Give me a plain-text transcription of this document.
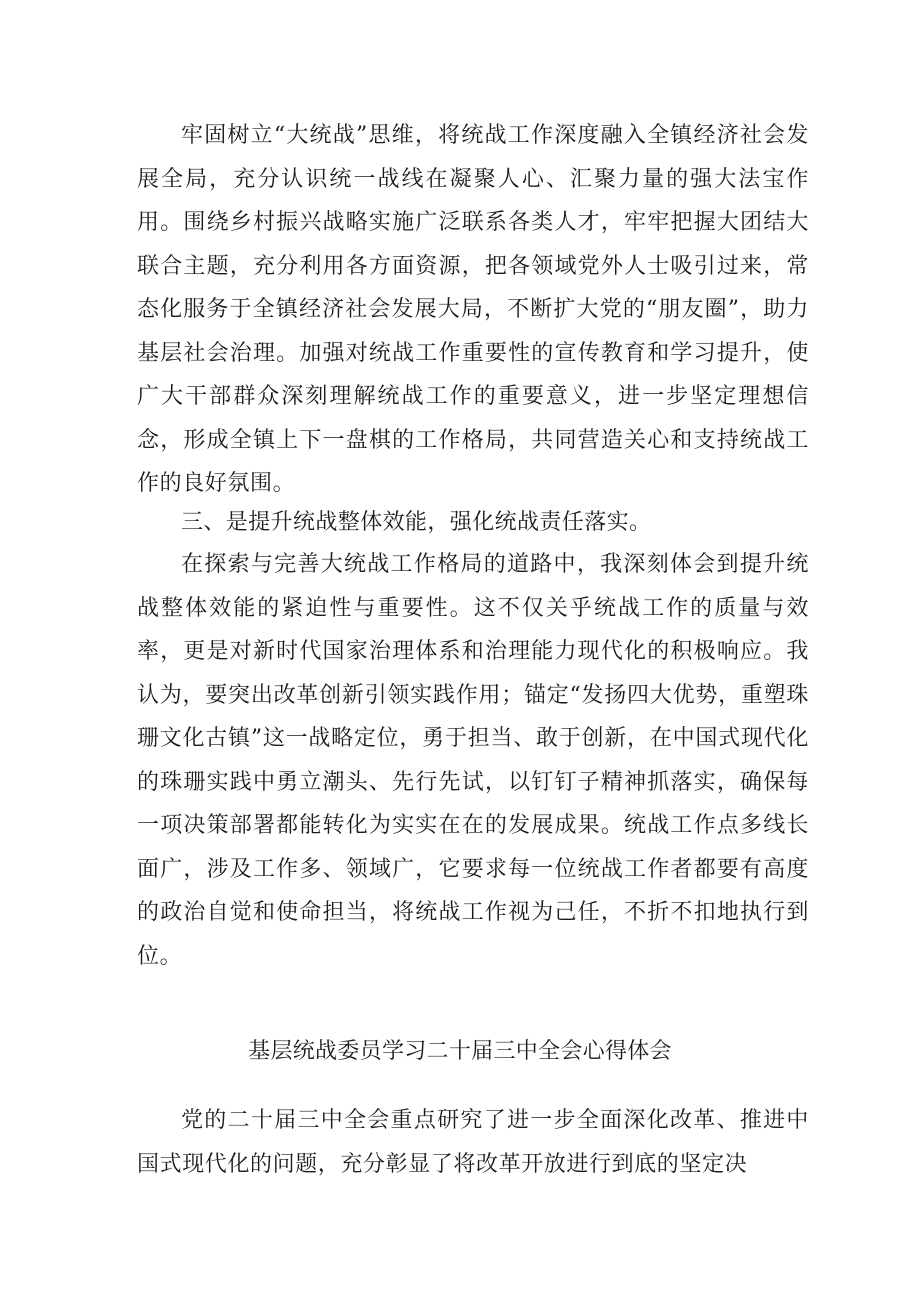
牢固树立“大统战”思维，将统战工作深度融入全镇经济社会发展全局，充分认识统一战线在凝聚人心、汇聚力量的强大法宝作用。围绕乡村振兴战略实施广泛联系各类人才，牢牢把握大团结大联合主题，充分利用各方面资源，把各领域党外人士吸引过来，常态化服务于全镇经济社会发展大局，不断扩大党的“朋友圈”，助力基层社会治理。加强对统战工作重要性的宣传教育和学习提升，使广大干部群众深刻理解统战工作的重要意义，进一步坚定理想信念，形成全镇上下一盘棋的工作格局，共同营造关心和支持统战工作的良好氛围。

三、是提升统战整体效能，强化统战责任落实。

在探索与完善大统战工作格局的道路中，我深刻体会到提升统战整体效能的紧迫性与重要性。这不仅关乎统战工作的质量与效率，更是对新时代国家治理体系和治理能力现代化的积极响应。我认为，要突出改革创新引领实践作用；锚定“发扬四大优势，重塑珠珊文化古镇”这一战略定位，勇于担当、敢于创新，在中国式现代化的珠珊实践中勇立潮头、先行先试，以钉钉子精神抓落实，确保每一项决策部署都能转化为实实在在的发展成果。统战工作点多线长面广，涉及工作多、领域广，它要求每一位统战工作者都要有高度的政治自觉和使命担当，将统战工作视为己任，不折不扣地执行到位。

基层统战委员学习二十届三中全会心得体会

党的二十届三中全会重点研究了进一步全面深化改革、推进中国式现代化的问题，充分彰显了将改革开放进行到底的坚定决
